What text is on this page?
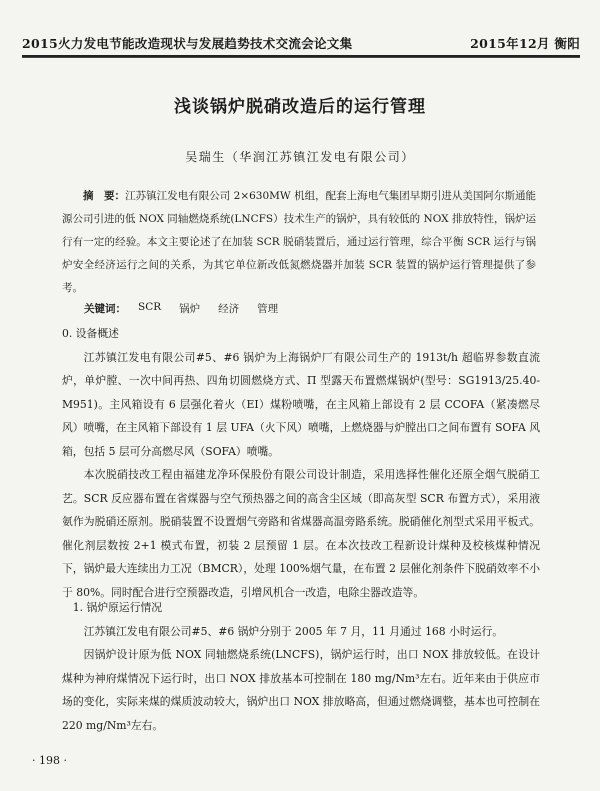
2015火力发电节能改造现状与发展趋势技术交流会论文集	2015年12月 衡阳
浅谈锅炉脱硝改造后的运行管理
吴瑞生（华润江苏镇江发电有限公司）
摘　要：江苏镇江发电有限公司 2×630MW 机组，配套上海电气集团早期引进从美国阿尔斯通能源公司引进的低 NOX 同轴燃烧系统(LNCFS）技术生产的锅炉，具有较低的 NOX 排放特性，锅炉运行有一定的经验。本文主要论述了在加装 SCR 脱硝装置后，通过运行管理，综合平衡 SCR 运行与锅炉安全经济运行之间的关系，为其它单位新改低氮燃烧器并加装 SCR 装置的锅炉运行管理提供了参考。
关键词： SCR 锅炉 经济 管理
0. 设备概述

江苏镇江发电有限公司#5、#6 锅炉为上海锅炉厂有限公司生产的 1913t/h 超临界参数直流炉，单炉膛、一次中间再热、四角切圆燃烧方式、Π 型露天布置燃煤锅炉(型号：SG1913/25.40-M951)。主风箱设有 6 层强化着火（EI）煤粉喷嘴，在主风箱上部设有 2 层 CCOFA（紧凑燃尽风）喷嘴，在主风箱下部设有 1 层 UFA（火下风）喷嘴，上燃烧器与炉膛出口之间布置有 SOFA 风箱，包括 5 层可分高燃尽风（SOFA）喷嘴。

本次脱硝技改工程由福建龙净环保股份有限公司设计制造，采用选择性催化还原全烟气脱硝工艺。SCR 反应器布置在省煤器与空气预热器之间的高含尘区域（即高灰型 SCR 布置方式），采用液氨作为脱硝还原剂。脱硝装置不设置烟气旁路和省煤器高温旁路系统。脱硝催化剂型式采用平板式。催化剂层数按 2+1 模式布置，初装 2 层预留 1 层。在本次技改工程新设计煤种及校核煤种情况下，锅炉最大连续出力工况（BMCR），处理 100%烟气量，在布置 2 层催化剂条件下脱硝效率不小于 80%。同时配合进行空预器改造，引增风机合一改造，电除尘器改造等。

1. 锅炉原运行情况

江苏镇江发电有限公司#5、#6 锅炉分别于 2005 年 7 月，11 月通过 168 小时运行。

因锅炉设计原为低 NOX 同轴燃烧系统(LNCFS)，锅炉运行时，出口 NOX 排放较低。在设计煤种为神府煤情况下运行时，出口 NOX 排放基本可控制在 180 mg/Nm³左右。近年来由于供应市场的变化，实际来煤的煤质波动较大，锅炉出口 NOX 排放略高，但通过燃烧调整，基本也可控制在 220 mg/Nm³左右。

· 198 ·
